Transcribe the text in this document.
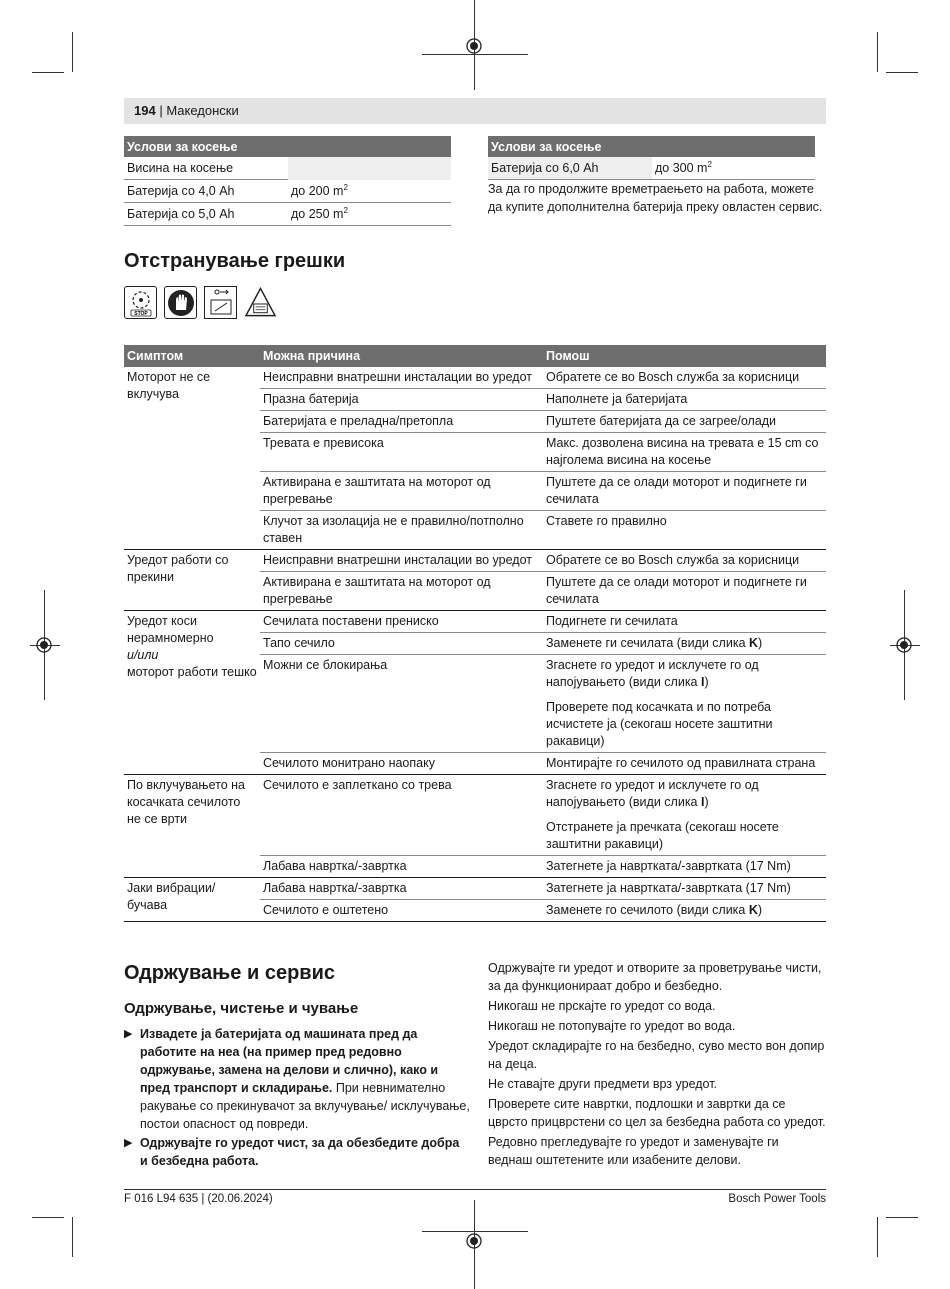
194 | Македонски
Услови за косење	
Висина на косење	
Батерија со 4,0 Ah	до 200 $m^2$
Батерија со 5,0 Ah	до 250 $m^2$
Услови за косење
Батерија со 6,0 Ah	до 300 $m^2$
За да го продолжите времетраењето на работа, можете да купите дополнителна батерија преку овластен сервис.
Отстранување грешки
STOP
Симптом	Можна причина	Помош
Моторот не се вклучува	Неисправни внатрешни инсталации во уредот	Обратете се во Bosch служба за корисници
	Празна батерија	Наполнете ја батеријата
	Батеријата е преладна/претопла	Пуштете батеријата да се загрее/олади
	Тревата е превисока	Макс. дозволена висина на тревата е 15 cm со најголема висина на косење
	Активирана е заштитата на моторот од прегревање	Пуштете да се олади моторот и подигнете ги сечилата
	Клучот за изолација не е правилно/потполно ставен	Ставете го правилно
Уредот работи со прекини	Неисправни внатрешни инсталации во уредот	Обратете се во Bosch служба за корисници
	Активирана е заштитата на моторот од прегревање	Пуштете да се олади моторот и подигнете ги сечилата
Уредот коси нерамномерно
и/или
моторот работи тешко	Сечилата поставени прениско	Подигнете ги сечилата
	Тапо сечило	Заменете ги сечилата (види слика K)
	Можни се блокирања	Згаснете го уредот и исклучете го од напојувањето (види слика I)
Проверете под косачката и по потреба исчистете ја (секогаш носете заштитни ракавици)

	Сечилото монитрано наопаку	Монтирајте го сечилото од правилната страна
По вклучувањето на косачката сечилото не се врти	Сечилото е заплеткано со трева	Згаснете го уредот и исклучете го од напојувањето (види слика I)
Отстранете ја пречката (секогаш носете заштитни ракавици)

	Лабава навртка/-завртка	Затегнете ја навртката/-завртката (17 Nm)
Јаки вибрации/ бучава	Лабава навртка/-завртка	Затегнете ја навртката/-завртката (17 Nm)
	Сечилото е оштетено	Заменете го сечилото (види слика K)
Одржување и сервис
Одржување, чистење и чување
▶ Извадете ја батеријата од машината пред да работите на неа (на пример пред редовно одржување, замена на делови и слично), како и пред транспорт и складирање. При невнимателно ракување со прекинувачот за вклучување/ исклучување, постои опасност од повреди.
▶ Одржувајте го уредот чист, за да обезбедите добра и безбедна работа.
Одржувајте ги уредот и отворите за проветрување чисти, за да функционираат добро и безбедно.
Никогаш не прскајте го уредот со вода.
Никогаш не потопувајте го уредот во вода.
Уредот складирајте го на безбедно, суво место вон допир на деца.
Не ставајте други предмети врз уредот.
Проверете сите навртки, подлошки и завртки да се цврсто прицврстени со цел за безбедна работа со уредот.
Редовно прегледувајте го уредот и заменувајте ги веднаш оштетените или изабените делови.
F 016 L94 635 | (20.06.2024)	Bosch Power Tools
